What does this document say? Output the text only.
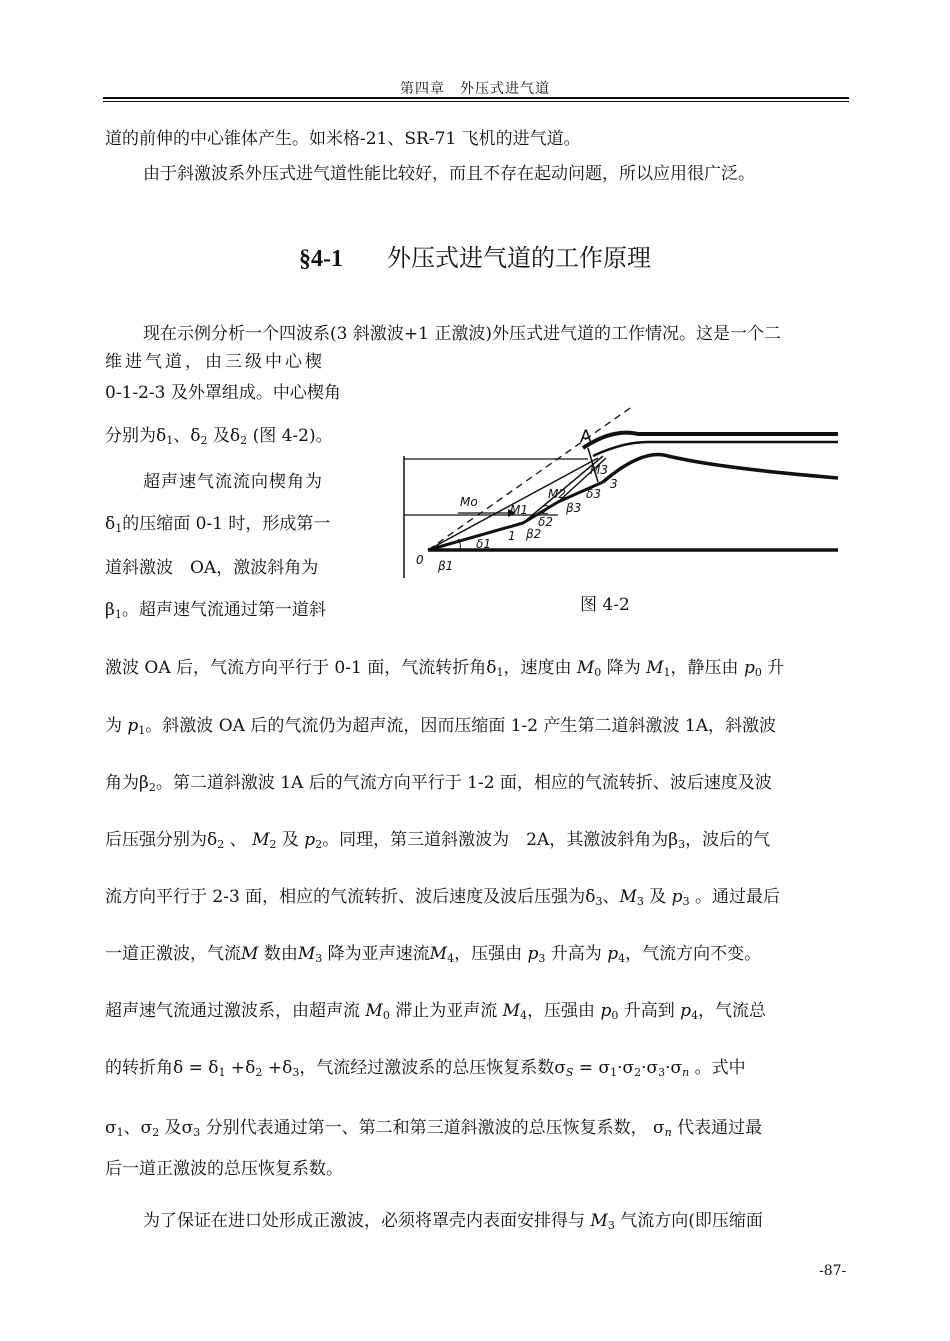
第四章　外压式进气道
道的前伸的中心锥体产生。如米格-21、SR-71 飞机的进气道。
由于斜激波系外压式进气道性能比较好，而且不存在起动问题，所以应用很广泛。
§4-1 外压式进气道的工作原理
现在示例分析一个四波系(3 斜激波+1 正激波)外压式进气道的工作情况。这是一个二
维进气道，由三级中心楔
0-1-2-3 及外罩组成。中心楔角
分别为$\delta_1$、$\delta_2$ 及$\delta_2$ (图 4-2)。
超声速气流流向楔角为
$\delta_1$的压缩面 0-1 时，形成第一
道斜激波　OA，激波斜角为
$\beta_1$。超声速气流通过第一道斜
A
Mo
M1
M2
M3
1
2
3
0 β1
β2
β3
δ1
δ2
δ3
图 4-2
激波 OA 后，气流方向平行于 0-1 面，气流转折角$\delta_1$，速度由 $M_0$ 降为 $M_1$，静压由 $p_0$ 升
为 $p_1$。斜激波 OA 后的气流仍为超声流，因而压缩面 1-2 产生第二道斜激波 1A，斜激波
角为$\beta_2$。第二道斜激波 1A 后的气流方向平行于 1-2 面，相应的气流转折、波后速度及波
后压强分别为$\delta_2$ 、 $M_2$ 及 $p_2$。同理，第三道斜激波为　2A，其激波斜角为$\beta_3$，波后的气
流方向平行于 2-3 面，相应的气流转折、波后速度及波后压强为$\delta_3$、$M_3$ 及 $p_3$ 。通过最后
一道正激波，气流M 数由$M_3$ 降为亚声速流$M_4$，压强由 $p_3$ 升高为 $p_4$，气流方向不变。
超声速气流通过激波系，由超声流 $M_0$ 滞止为亚声流 $M_4$，压强由 $p_0$ 升高到 $p_4$，气流总
的转折角$\delta = \delta_1 +\delta_2 +\delta_3$，气流经过激波系的总压恢复系数$\sigma_S = \sigma_1\cdot\sigma_2\cdot\sigma_3\cdot\sigma_n$ 。式中
$\sigma_1$、$\sigma_2$ 及$\sigma_3$ 分别代表通过第一、第二和第三道斜激波的总压恢复系数， $\sigma_n$ 代表通过最
后一道正激波的总压恢复系数。
为了保证在进口处形成正激波，必须将罩壳内表面安排得与 $M_3$ 气流方向(即压缩面
-87-
